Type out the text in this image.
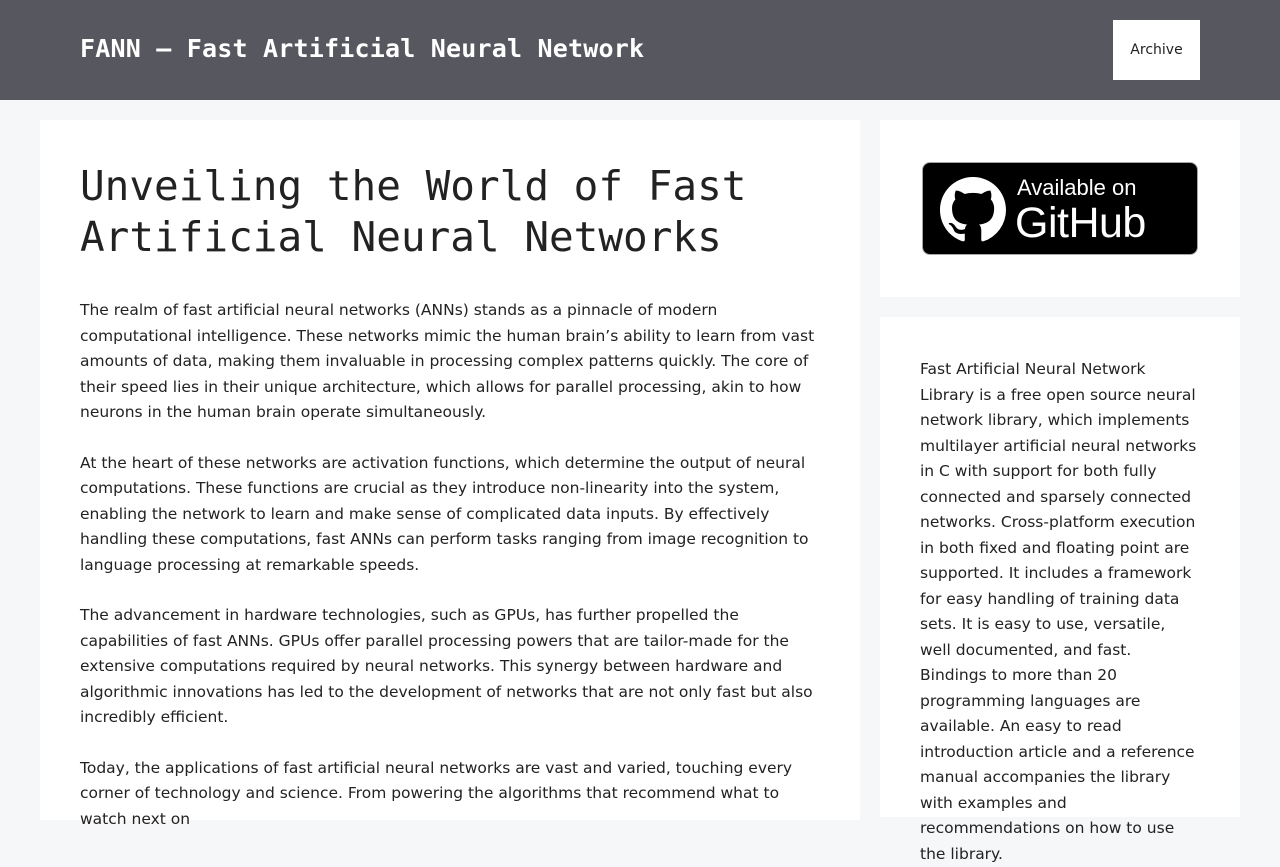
FANN – Fast Artificial Neural Network	Archive
Unveiling the World of Fast Artificial Neural Networks

The realm of fast artificial neural networks (ANNs) stands as a pinnacle of modern computational intelligence. These networks mimic the human brain’s ability to learn from vast amounts of data, making them invaluable in processing complex patterns quickly. The core of their speed lies in their unique architecture, which allows for parallel processing, akin to how neurons in the human brain operate simultaneously.

At the heart of these networks are activation functions, which determine the output of neural computations. These functions are crucial as they introduce non-linearity into the system, enabling the network to learn and make sense of complicated data inputs. By effectively handling these computations, fast ANNs can perform tasks ranging from image recognition to language processing at remarkable speeds.

The advancement in hardware technologies, such as GPUs, has further propelled the capabilities of fast ANNs. GPUs offer parallel processing powers that are tailor-made for the extensive computations required by neural networks. This synergy between hardware and algorithmic innovations has led to the development of networks that are not only fast but also incredibly efficient.

Today, the applications of fast artificial neural networks are vast and varied, touching every corner of technology and science. From powering the algorithms that recommend what to watch next on

Available on
GitHub

Fast Artificial Neural Network Library is a free open source neural network library, which implements multilayer artificial neural networks in C with support for both fully connected and sparsely connected networks. Cross-platform execution in both fixed and floating point are supported. It includes a framework for easy handling of training data sets. It is easy to use, versatile, well documented, and fast. Bindings to more than 20 programming languages are available. An easy to read introduction article and a reference manual accompanies the library with examples and recommendations on how to use the library.
